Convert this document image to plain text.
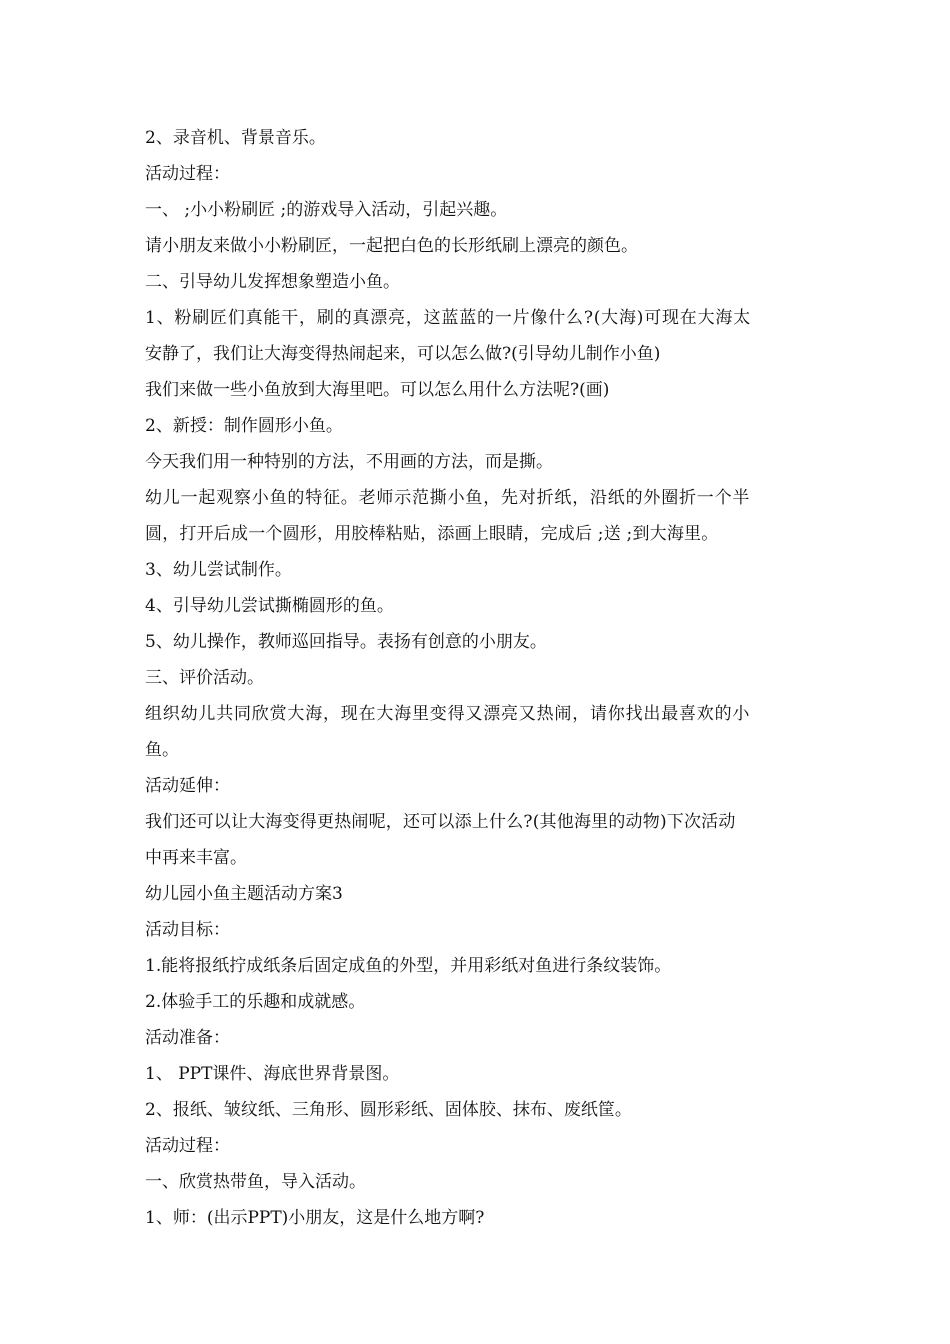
2、录音机、背景音乐。
活动过程：
一、 ;小小粉刷匠 ;的游戏导入活动，引起兴趣。
请小朋友来做小小粉刷匠，一起把白色的长形纸刷上漂亮的颜色。
二、引导幼儿发挥想象塑造小鱼。
1、粉刷匠们真能干，刷的真漂亮，这蓝蓝的一片像什么?(大海)可现在大海太
安静了，我们让大海变得热闹起来，可以怎么做?(引导幼儿制作小鱼)
我们来做一些小鱼放到大海里吧。可以怎么用什么方法呢?(画)
2、新授：制作圆形小鱼。
今天我们用一种特别的方法，不用画的方法，而是撕。
幼儿一起观察小鱼的特征。老师示范撕小鱼，先对折纸，沿纸的外圈折一个半
圆，打开后成一个圆形，用胶棒粘贴，添画上眼睛，完成后 ;送 ;到大海里。
3、幼儿尝试制作。
4、引导幼儿尝试撕椭圆形的鱼。
5、幼儿操作，教师巡回指导。表扬有创意的小朋友。
三、评价活动。
组织幼儿共同欣赏大海，现在大海里变得又漂亮又热闹，请你找出最喜欢的小
鱼。
活动延伸：
我们还可以让大海变得更热闹呢，还可以添上什么?(其他海里的动物)下次活动
中再来丰富。
幼儿园小鱼主题活动方案3
活动目标：
1.能将报纸拧成纸条后固定成鱼的外型，并用彩纸对鱼进行条纹装饰。
2.体验手工的乐趣和成就感。
活动准备：
1、 PPT课件、海底世界背景图。
2、报纸、皱纹纸、三角形、圆形彩纸、固体胶、抹布、废纸筐。
活动过程：
一、欣赏热带鱼，导入活动。
1、师：(出示PPT)小朋友，这是什么地方啊?
